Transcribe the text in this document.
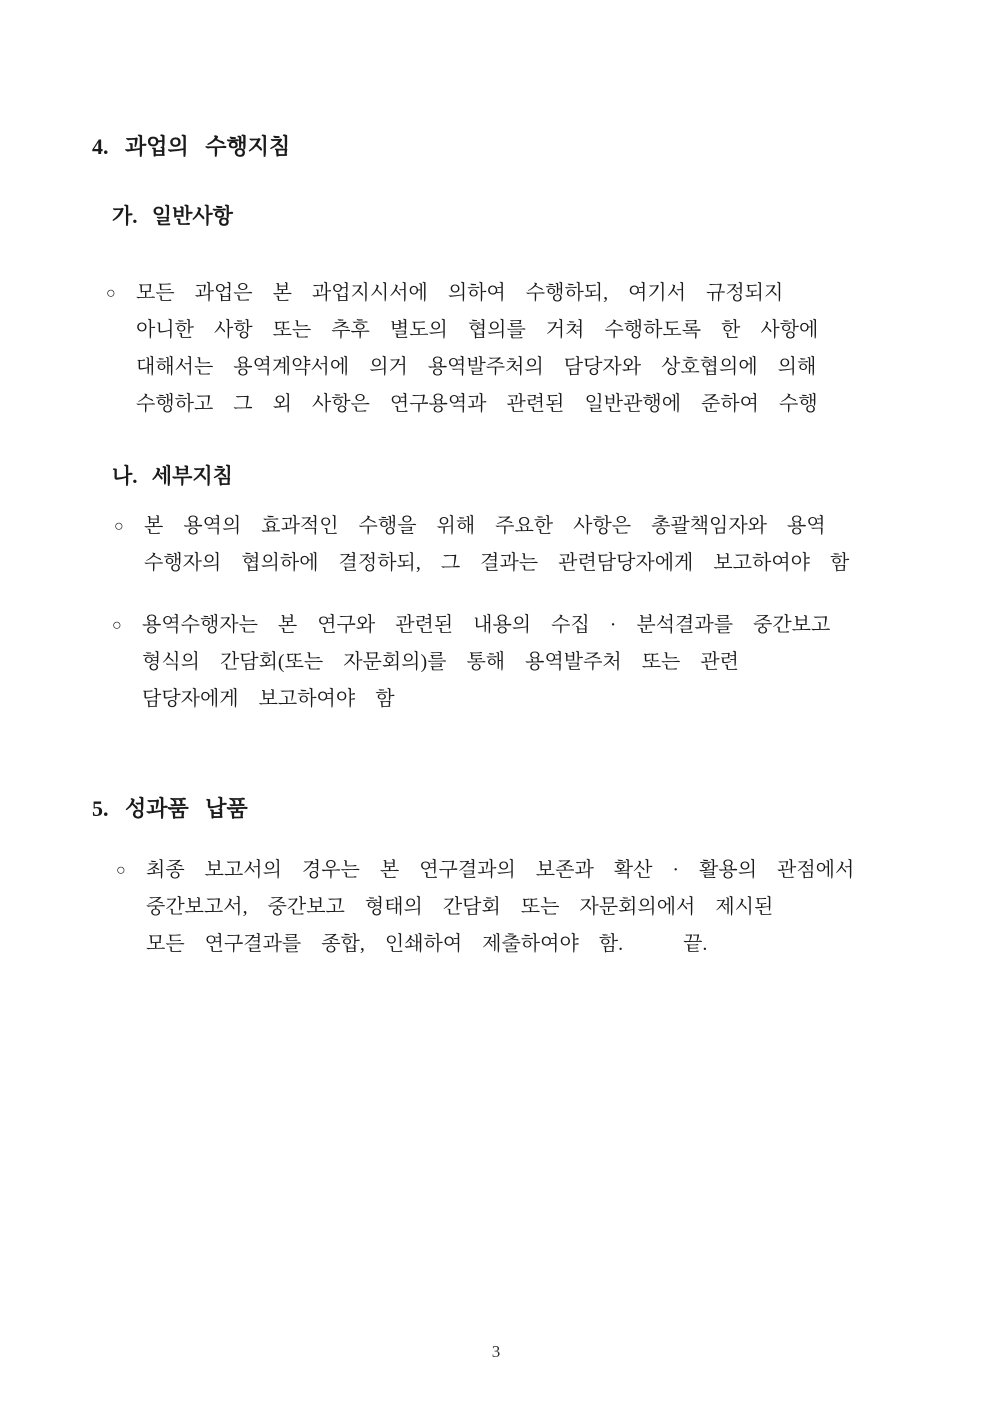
4. 과업의 수행지침
가. 일반사항
○	모든 과업은 본 과업지시서에 의하여 수행하되, 여기서 규정되지
아니한 사항 또는 추후 별도의 협의를 거쳐 수행하도록 한 사항에
대해서는 용역계약서에 의거 용역발주처의 담당자와 상호협의에 의해
수행하고 그 외 사항은 연구용역과 관련된 일반관행에 준하여 수행
나. 세부지침
○	본 용역의 효과적인 수행을 위해 주요한 사항은 총괄책임자와 용역
수행자의 협의하에 결정하되, 그 결과는 관련담당자에게 보고하여야 함
○	용역수행자는 본 연구와 관련된 내용의 수집 · 분석결과를 중간보고
형식의 간담회(또는 자문회의)를 통해 용역발주처 또는 관련
담당자에게 보고하여야 함
5. 성과품 납품
○	최종 보고서의 경우는 본 연구결과의 보존과 확산 · 활용의 관점에서
중간보고서, 중간보고 형태의 간담회 또는 자문회의에서 제시된
모든 연구결과를 종합, 인쇄하여 제출하여야 함.   끝.
3
